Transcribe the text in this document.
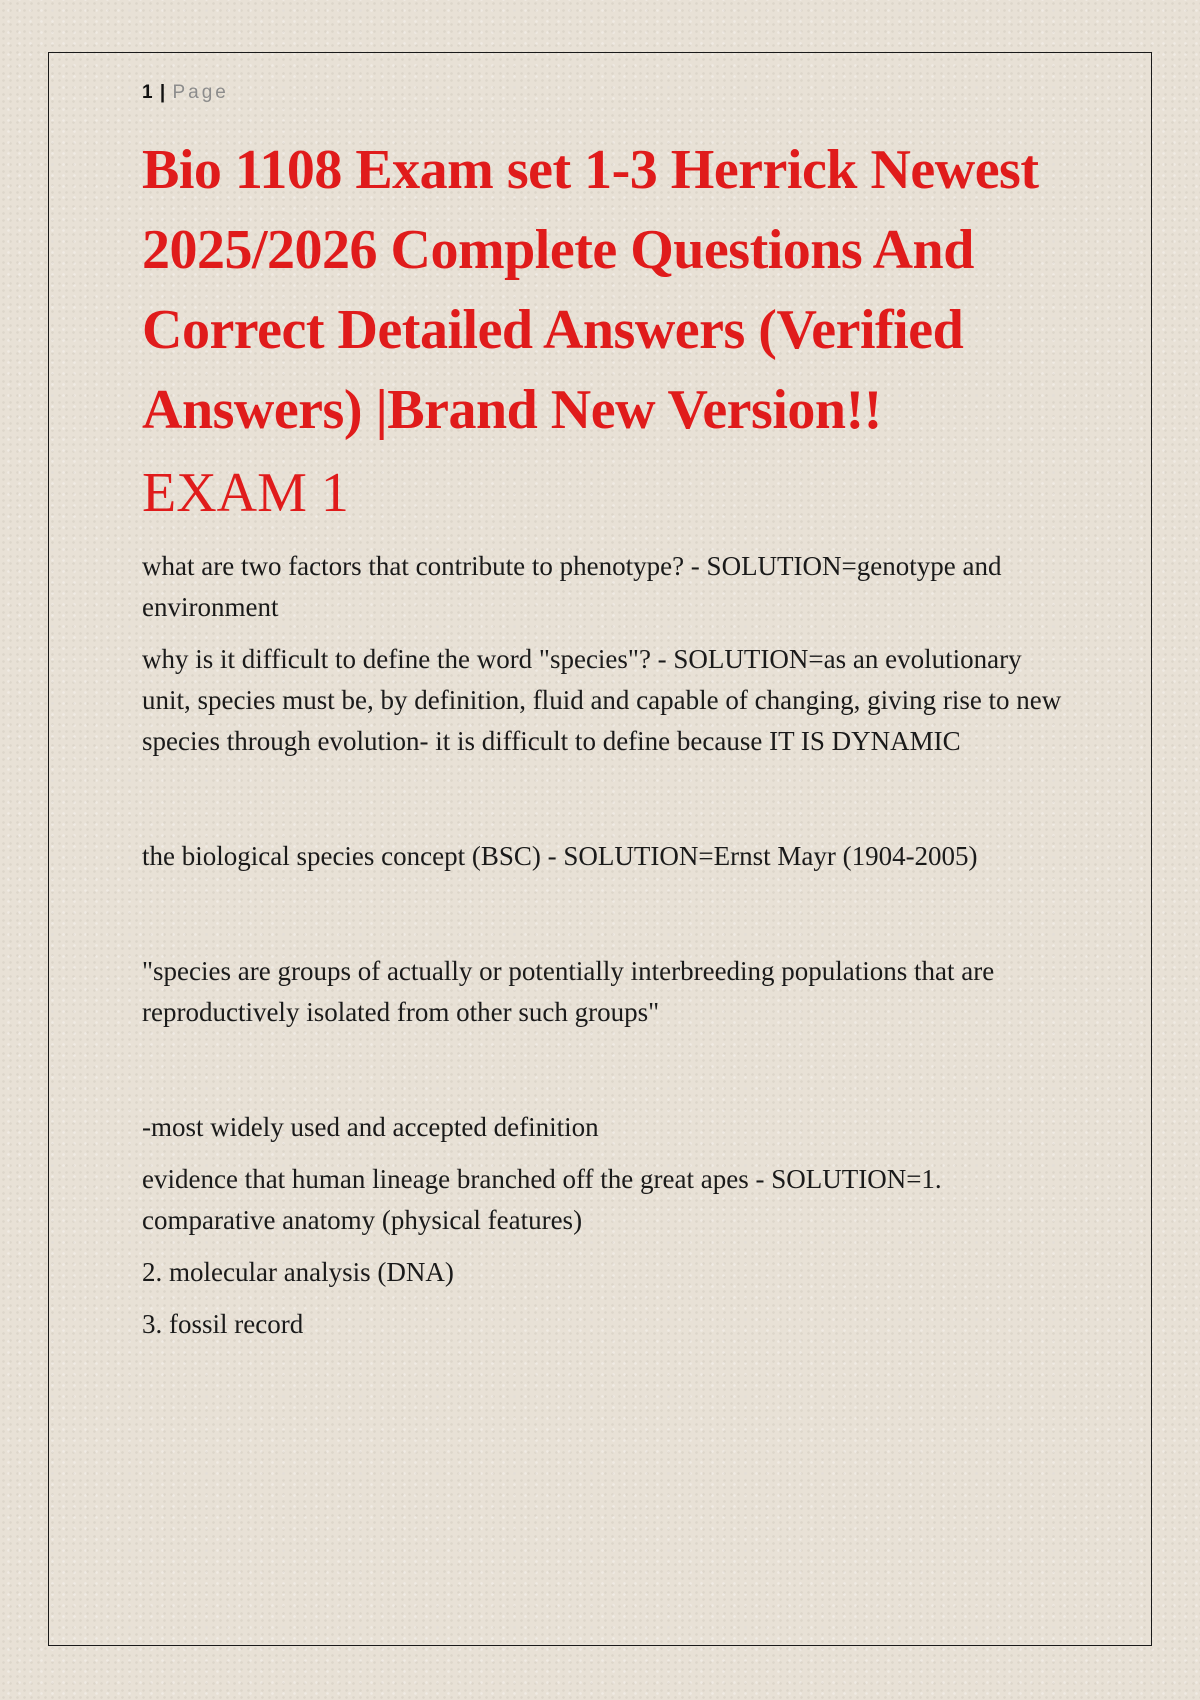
1 | Page
Bio 1108 Exam set 1-3 Herrick Newest 2025/2026 Complete Questions And Correct Detailed Answers (Verified Answers) |Brand New Version!!
EXAM 1

what are two factors that contribute to phenotype? - SOLUTION=genotype and environment

why is it difficult to define the word "species"? - SOLUTION=as an evolutionary unit, species must be, by definition, fluid and capable of changing, giving rise to new species through evolution- it is difficult to define because IT IS DYNAMIC

the biological species concept (BSC) - SOLUTION=Ernst Mayr (1904-2005)

"species are groups of actually or potentially interbreeding populations that are reproductively isolated from other such groups"

-most widely used and accepted definition

evidence that human lineage branched off the great apes - SOLUTION=1. comparative anatomy (physical features)

2. molecular analysis (DNA)

3. fossil record
